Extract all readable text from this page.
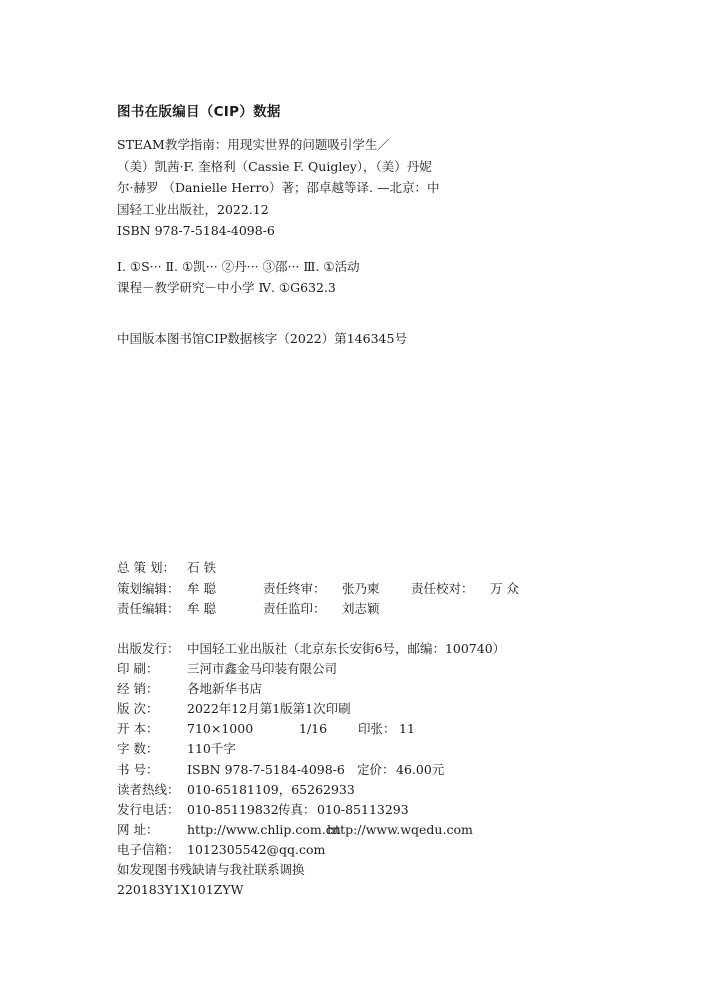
图书在版编目（CIP）数据
STEAM教学指南：用现实世界的问题吸引学生／
（美）凯茜·F. 奎格利（Cassie F. Quigley），（美）丹妮
尔·赫罗 （Danielle Herro）著；邵卓越等译. —北京：中
国轻工业出版社，2022.12
ISBN 978-7-5184-4098-6
Ⅰ. ①S··· Ⅱ. ①凯··· ②丹··· ③邵··· Ⅲ. ①活动
课程－教学研究－中小学 Ⅳ. ①G632.3
中国版本图书馆CIP数据核字（2022）第146345号
总 策 划： 石 铁
策划编辑： 牟 聪	责任终审： 张乃柬	责任校对： 万 众
责任编辑： 牟 聪	责任监印： 刘志颖
出版发行： 中国轻工业出版社（北京东长安街6号，邮编：100740）
印 刷： 三河市鑫金马印装有限公司
经 销： 各地新华书店
版 次： 2022年12月第1版第1次印刷
开 本： 710×1000	1/16 印张： 11
字 数： 110千字
书 号： ISBN 978-7-5184-4098-6 定价： 46.00元
读者热线： 010-65181109，65262933
发行电话： 010-85119832 传真： 010-85113293
网 址： http://www.chlip.com.cn
http://www.wqedu.com
电子信箱： 1012305542@qq.com
如发现图书残缺请与我社联系调换
220183Y1X101ZYW
